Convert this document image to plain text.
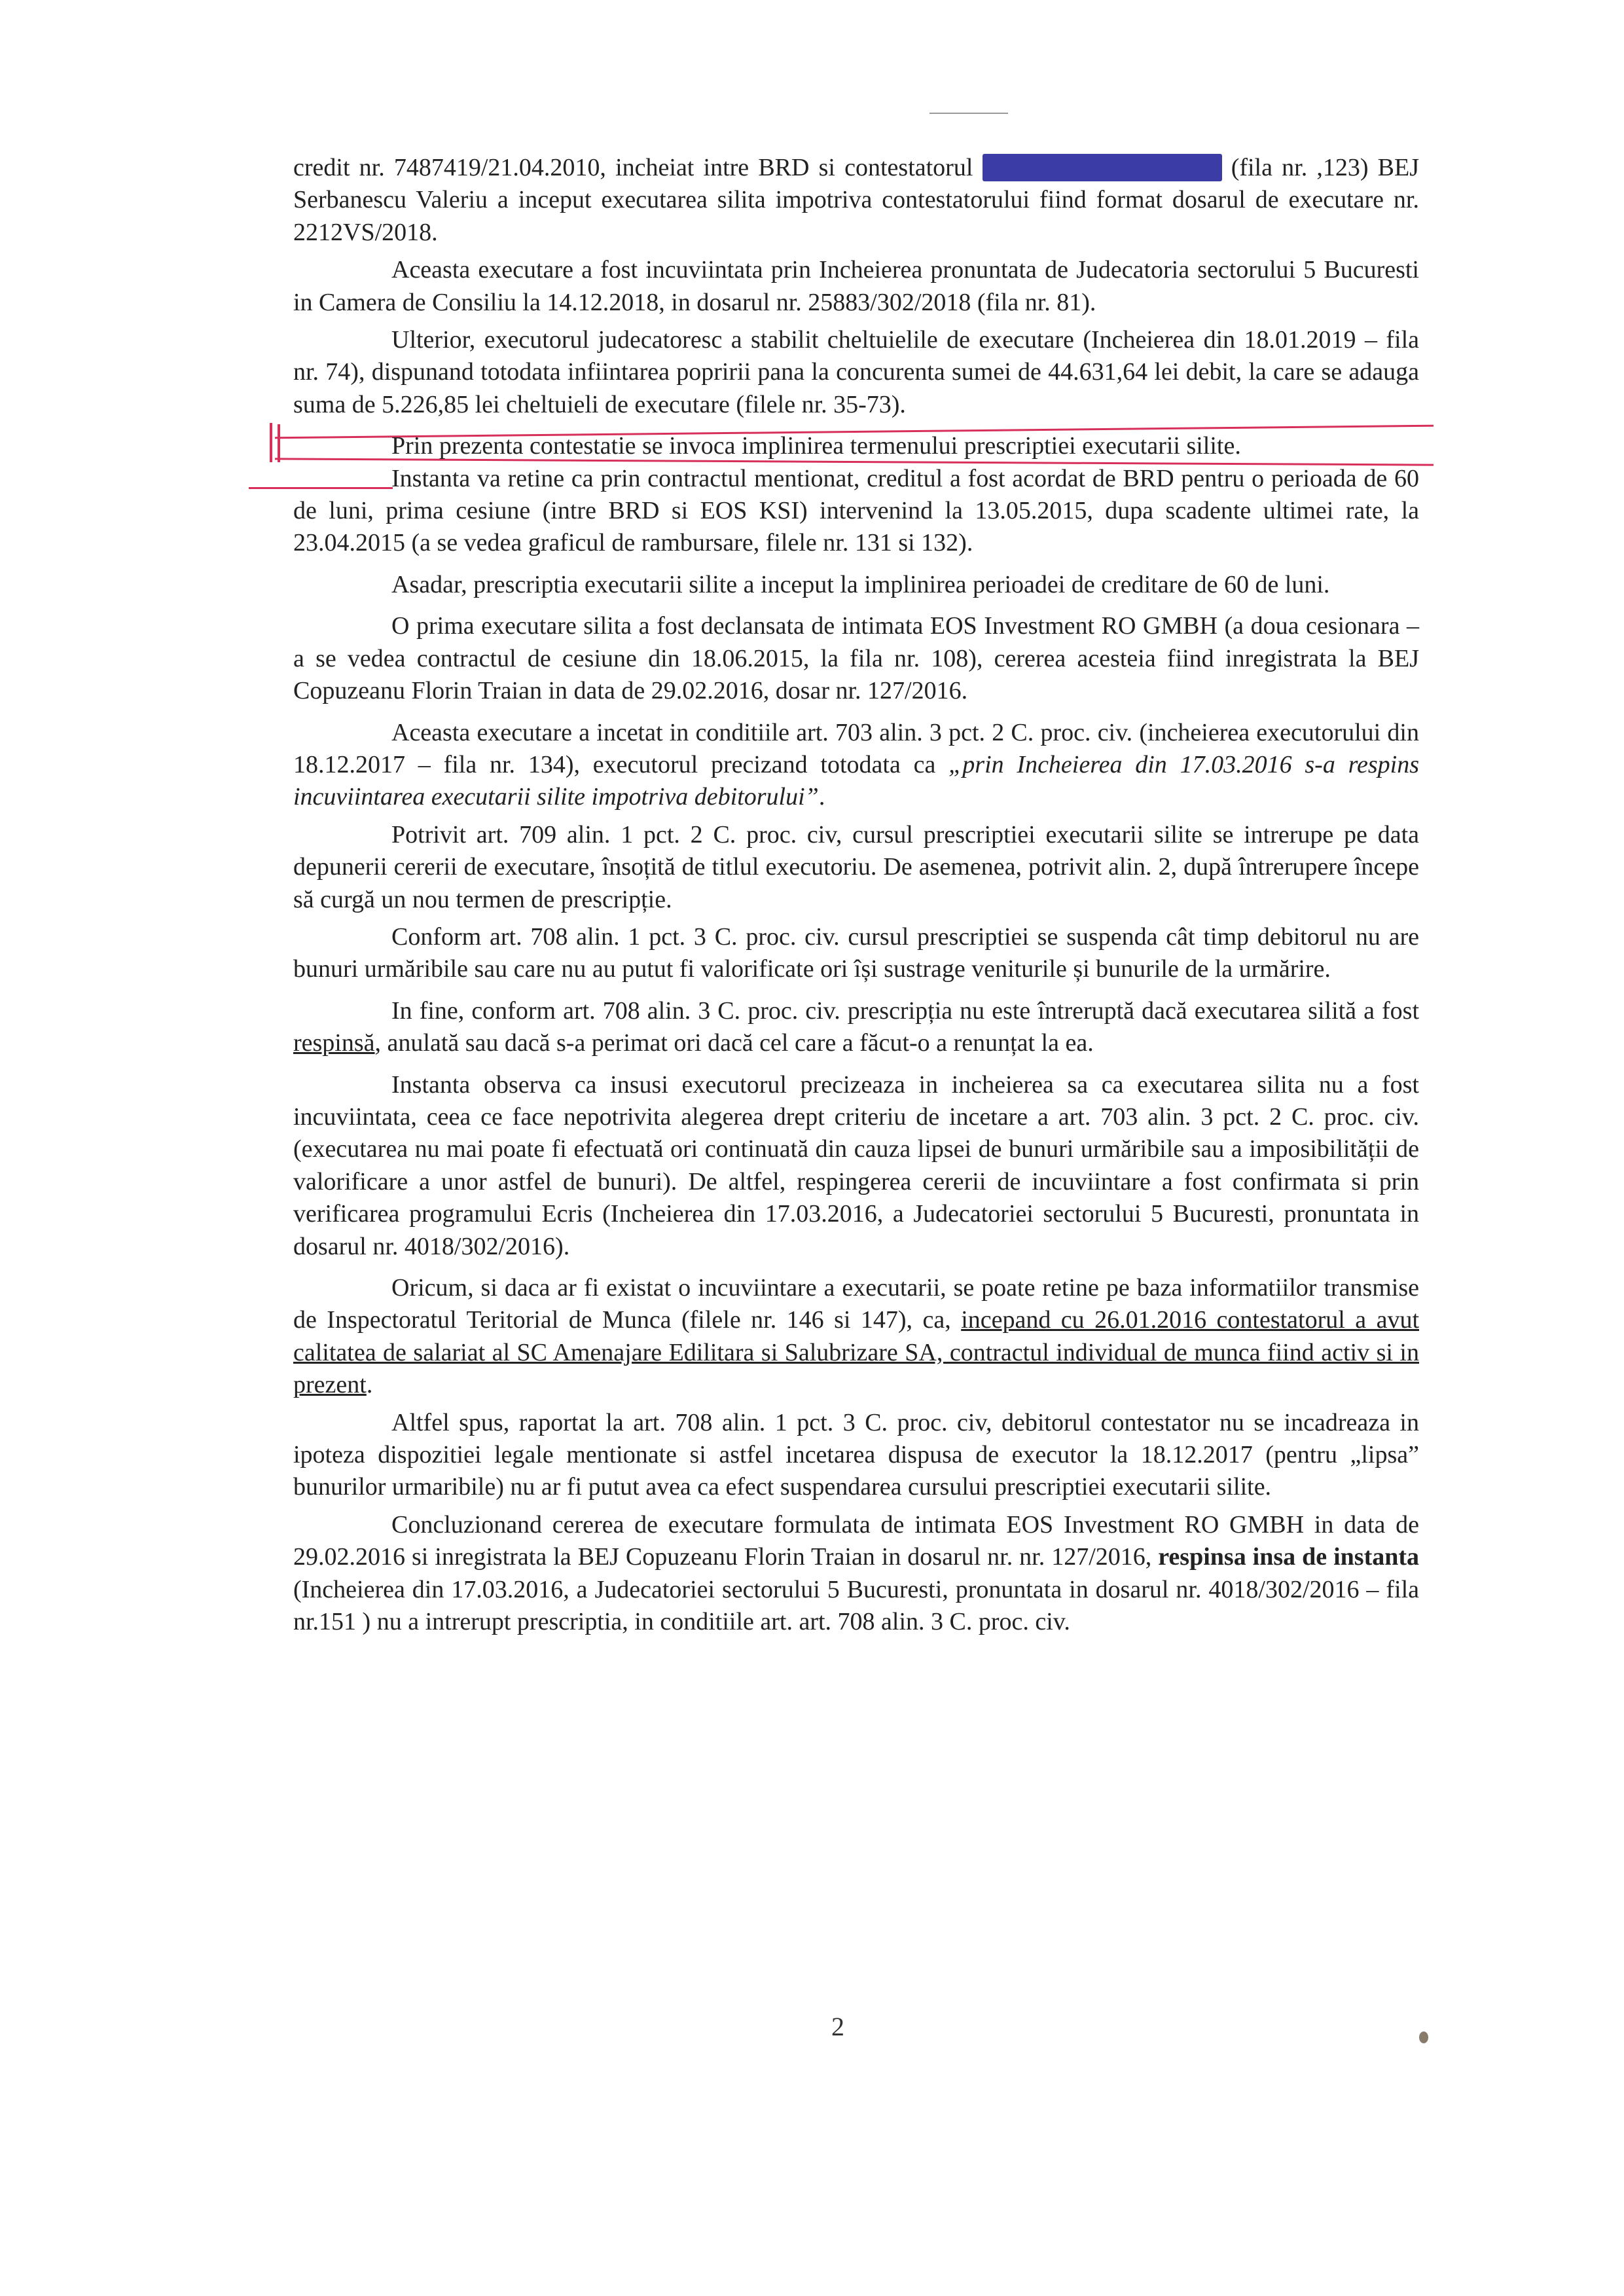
credit nr. 7487419/21.04.2010, incheiat intre BRD si contestatorul Diaconeasa Constantin (fila nr. ,123) BEJ Serbanescu Valeriu a inceput executarea silita impotriva contestatorului fiind format dosarul de executare nr. 2212VS/2018.

Aceasta executare a fost incuviintata prin Incheierea pronuntata de Judecatoria sectorului 5 Bucuresti in Camera de Consiliu la 14.12.2018, in dosarul nr. 25883/302/2018 (fila nr. 81).

Ulterior, executorul judecatoresc a stabilit cheltuielile de executare (Incheierea din 18.01.2019 – fila nr. 74), dispunand totodata infiintarea popririi pana la concurenta sumei de 44.631,64 lei debit, la care se adauga suma de 5.226,85 lei cheltuieli de executare (filele nr. 35-73).

Prin prezenta contestatie se invoca implinirea termenului prescriptiei executarii silite.

Instanta va retine ca prin contractul mentionat, creditul a fost acordat de BRD pentru o perioada de 60 de luni, prima cesiune (intre BRD si EOS KSI) intervenind la 13.05.2015, dupa scadente ultimei rate, la 23.04.2015 (a se vedea graficul de rambursare, filele nr. 131 si 132).

Asadar, prescriptia executarii silite a inceput la implinirea perioadei de creditare de 60 de luni.

O prima executare silita a fost declansata de intimata EOS Investment RO GMBH (a doua cesionara – a se vedea contractul de cesiune din 18.06.2015, la fila nr. 108), cererea acesteia fiind inregistrata la BEJ Copuzeanu Florin Traian in data de 29.02.2016, dosar nr. 127/2016.

Aceasta executare a incetat in conditiile art. 703 alin. 3 pct. 2 C. proc. civ. (incheierea executorului din 18.12.2017 – fila nr. 134), executorul precizand totodata ca „prin Incheierea din 17.03.2016 s-a respins incuviintarea executarii silite impotriva debitorului”.

Potrivit art. 709 alin. 1 pct. 2 C. proc. civ, cursul prescriptiei executarii silite se intrerupe pe data depunerii cererii de executare, însoțită de titlul executoriu. De asemenea, potrivit alin. 2, după întrerupere începe să curgă un nou termen de prescripție.

Conform art. 708 alin. 1 pct. 3 C. proc. civ. cursul prescriptiei se suspenda cât timp debitorul nu are bunuri urmăribile sau care nu au putut fi valorificate ori își sustrage veniturile și bunurile de la urmărire.

In fine, conform art. 708 alin. 3 C. proc. civ. prescripția nu este întreruptă dacă executarea silită a fost respinsă, anulată sau dacă s-a perimat ori dacă cel care a făcut-o a renunțat la ea.

Instanta observa ca insusi executorul precizeaza in incheierea sa ca executarea silita nu a fost incuviintata, ceea ce face nepotrivita alegerea drept criteriu de incetare a art. 703 alin. 3 pct. 2 C. proc. civ. (executarea nu mai poate fi efectuată ori continuată din cauza lipsei de bunuri urmăribile sau a imposibilității de valorificare a unor astfel de bunuri). De altfel, respingerea cererii de incuviintare a fost confirmata si prin verificarea programului Ecris (Incheierea din 17.03.2016, a Judecatoriei sectorului 5 Bucuresti, pronuntata in dosarul nr. 4018/302/2016).

Oricum, si daca ar fi existat o incuviintare a executarii, se poate retine pe baza informatiilor transmise de Inspectoratul Teritorial de Munca (filele nr. 146 si 147), ca, incepand cu 26.01.2016 contestatorul a avut calitatea de salariat al SC Amenajare Edilitara si Salubrizare SA, contractul individual de munca fiind activ si in prezent.

Altfel spus, raportat la art. 708 alin. 1 pct. 3 C. proc. civ, debitorul contestator nu se incadreaza in ipoteza dispozitiei legale mentionate si astfel incetarea dispusa de executor la 18.12.2017 (pentru „lipsa” bunurilor urmaribile) nu ar fi putut avea ca efect suspendarea cursului prescriptiei executarii silite.

Concluzionand cererea de executare formulata de intimata EOS Investment RO GMBH in data de 29.02.2016 si inregistrata la BEJ Copuzeanu Florin Traian in dosarul nr. nr. 127/2016, respinsa insa de instanta (Incheierea din 17.03.2016, a Judecatoriei sectorului 5 Bucuresti, pronuntata in dosarul nr. 4018/302/2016 – fila nr.151 ) nu a intrerupt prescriptia, in conditiile art. art. 708 alin. 3 C. proc. civ.

2
